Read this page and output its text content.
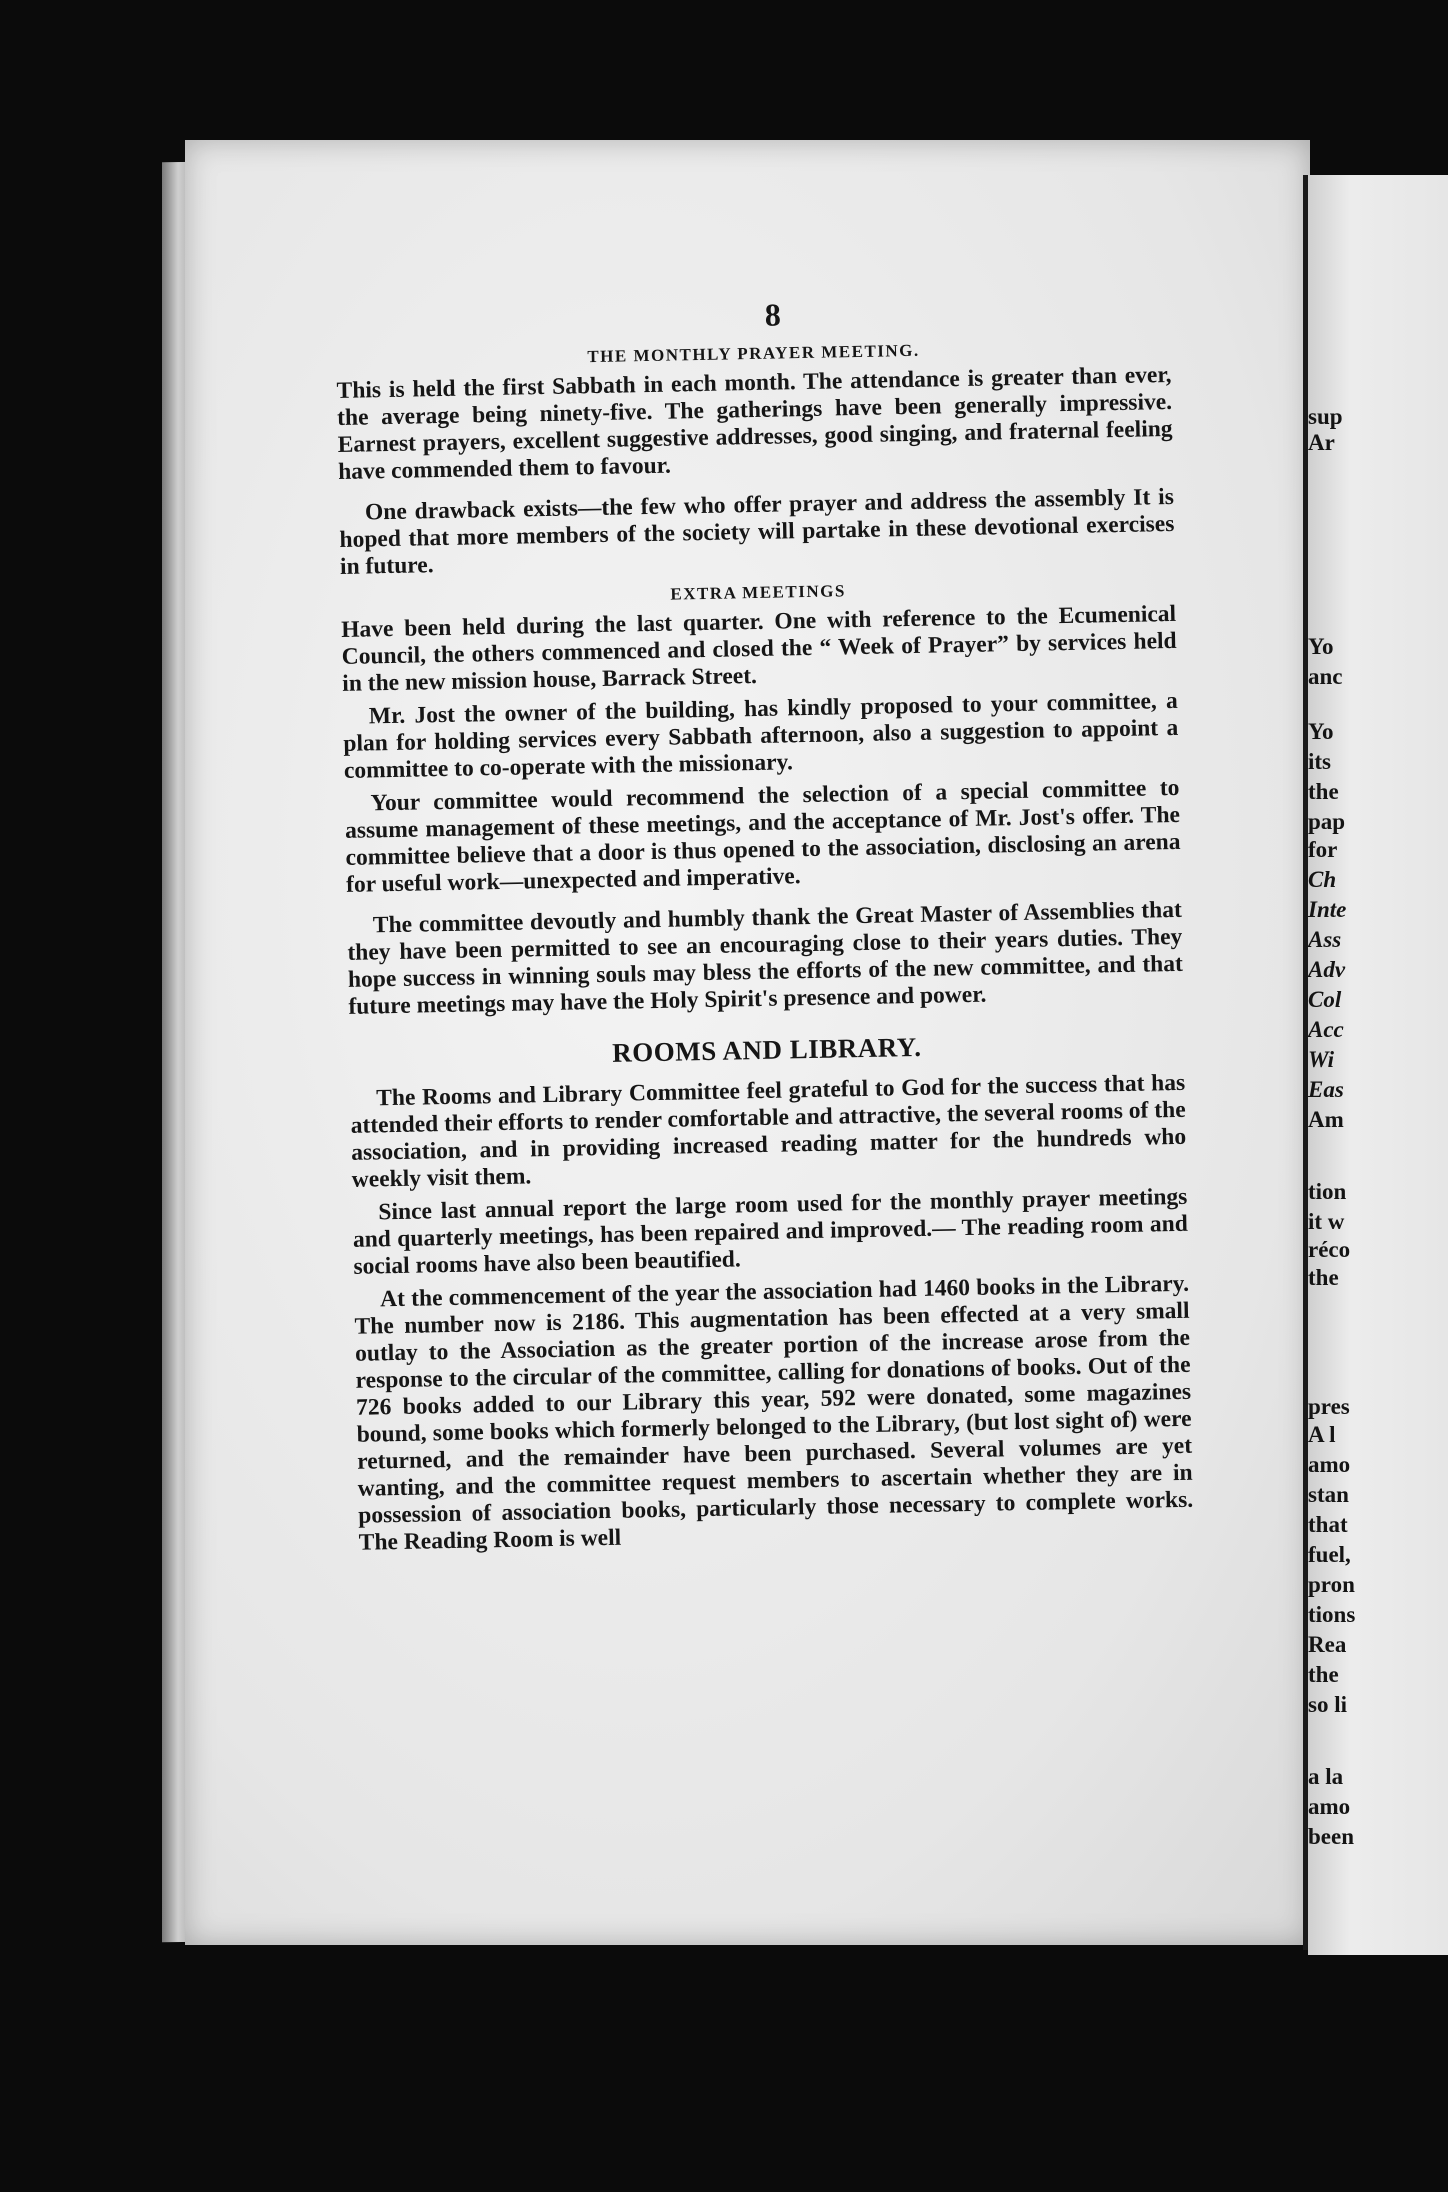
sup
Ar
Yo
anc
Yo
its
the
pap
for
Ch
Inte
Ass
Adv
Col
Acc
Wi
Eas
Am
tion
it w
réco
the
pres
A l
amo
stan
that
fuel,
pron
tions
Rea
the
so li
a la
amo
been
8
THE MONTHLY PRAYER MEETING.

This is held the first Sabbath in each month. The attendance is greater than ever, the average being ninety-five. The gatherings have been generally impressive. Earnest prayers, excellent suggestive addresses, good singing, and fraternal feeling have commended them to favour.

One drawback exists—the few who offer prayer and address the assembly It is hoped that more members of the society will partake in these devotional exercises in future.

EXTRA MEETINGS

Have been held during the last quarter. One with reference to the Ecumenical Council, the others commenced and closed the “ Week of Prayer” by services held in the new mission house, Barrack Street.

Mr. Jost the owner of the building, has kindly proposed to your committee, a plan for holding services every Sabbath afternoon, also a suggestion to appoint a committee to co-operate with the missionary.

Your committee would recommend the selection of a special committee to assume management of these meetings, and the acceptance of Mr. Jost's offer. The committee believe that a door is thus opened to the association, disclosing an arena for useful work—unexpected and imperative.

The committee devoutly and humbly thank the Great Master of Assemblies that they have been permitted to see an encouraging close to their years duties. They hope success in winning souls may bless the efforts of the new committee, and that future meetings may have the Holy Spirit's presence and power.

ROOMS AND LIBRARY.

The Rooms and Library Committee feel grateful to God for the success that has attended their efforts to render comfortable and attractive, the several rooms of the association, and in providing increased reading matter for the hundreds who weekly visit them.

Since last annual report the large room used for the monthly prayer meetings and quarterly meetings, has been repaired and improved.— The reading room and social rooms have also been beautified.

At the commencement of the year the association had 1460 books in the Library. The number now is 2186. This augmentation has been effected at a very small outlay to the Association as the greater portion of the increase arose from the response to the circular of the committee, calling for donations of books. Out of the 726 books added to our Library this year, 592 were donated, some magazines bound, some books which formerly belonged to the Library, (but lost sight of) were returned, and the remainder have been purchased. Several volumes are yet wanting, and the committee request members to ascertain whether they are in possession of association books, particularly those necessary to complete works. The Reading Room is well
